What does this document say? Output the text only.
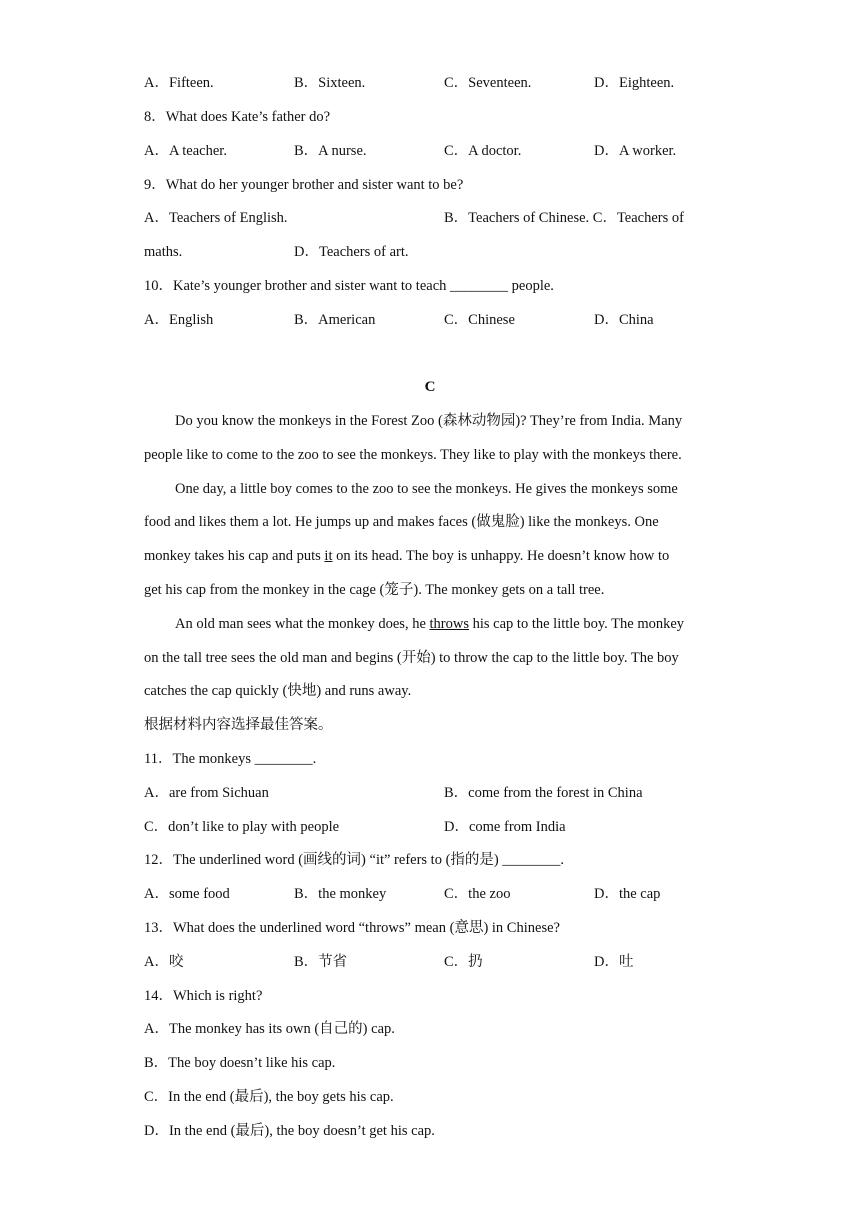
A．Fifteen.	B．Sixteen.	C．Seventeen.	D．Eighteen.
8．What does Kate’s father do?
A．A teacher.	B．A nurse.	C．A doctor.	D．A worker.
9．What do her younger brother and sister want to be?
A．Teachers of English.	B．Teachers of Chinese. C．Teachers of
maths.	D．Teachers of art.
10．Kate’s younger brother and sister want to teach ________ people.
A．English	B．American	C．Chinese	D．China
C
Do you know the monkeys in the Forest Zoo (森林动物园)? They’re from India. Many
people like to come to the zoo to see the monkeys. They like to play with the monkeys there.
One day, a little boy comes to the zoo to see the monkeys. He gives the monkeys some
food and likes them a lot. He jumps up and makes faces (做鬼脸) like the monkeys. One
monkey takes his cap and puts it on its head. The boy is unhappy. He doesn’t know how to
get his cap from the monkey in the cage (笼子). The monkey gets on a tall tree.
An old man sees what the monkey does, he throws his cap to the little boy. The monkey
on the tall tree sees the old man and begins (开始) to throw the cap to the little boy. The boy
catches the cap quickly (快地) and runs away.
根据材料内容选择最佳答案。
11．The monkeys ________.
A．are from Sichuan	B．come from the forest in China
C．don’t like to play with people	D．come from India
12．The underlined word (画线的词) “it” refers to (指的是) ________.
A．some food	B．the monkey	C．the zoo	D．the cap
13．What does the underlined word “throws” mean (意思) in Chinese?
A．咬	B．节省	C．扔	D．吐
14．Which is right?
A．The monkey has its own (自己的) cap.
B．The boy doesn’t like his cap.
C．In the end (最后), the boy gets his cap.
D．In the end (最后), the boy doesn’t get his cap.
